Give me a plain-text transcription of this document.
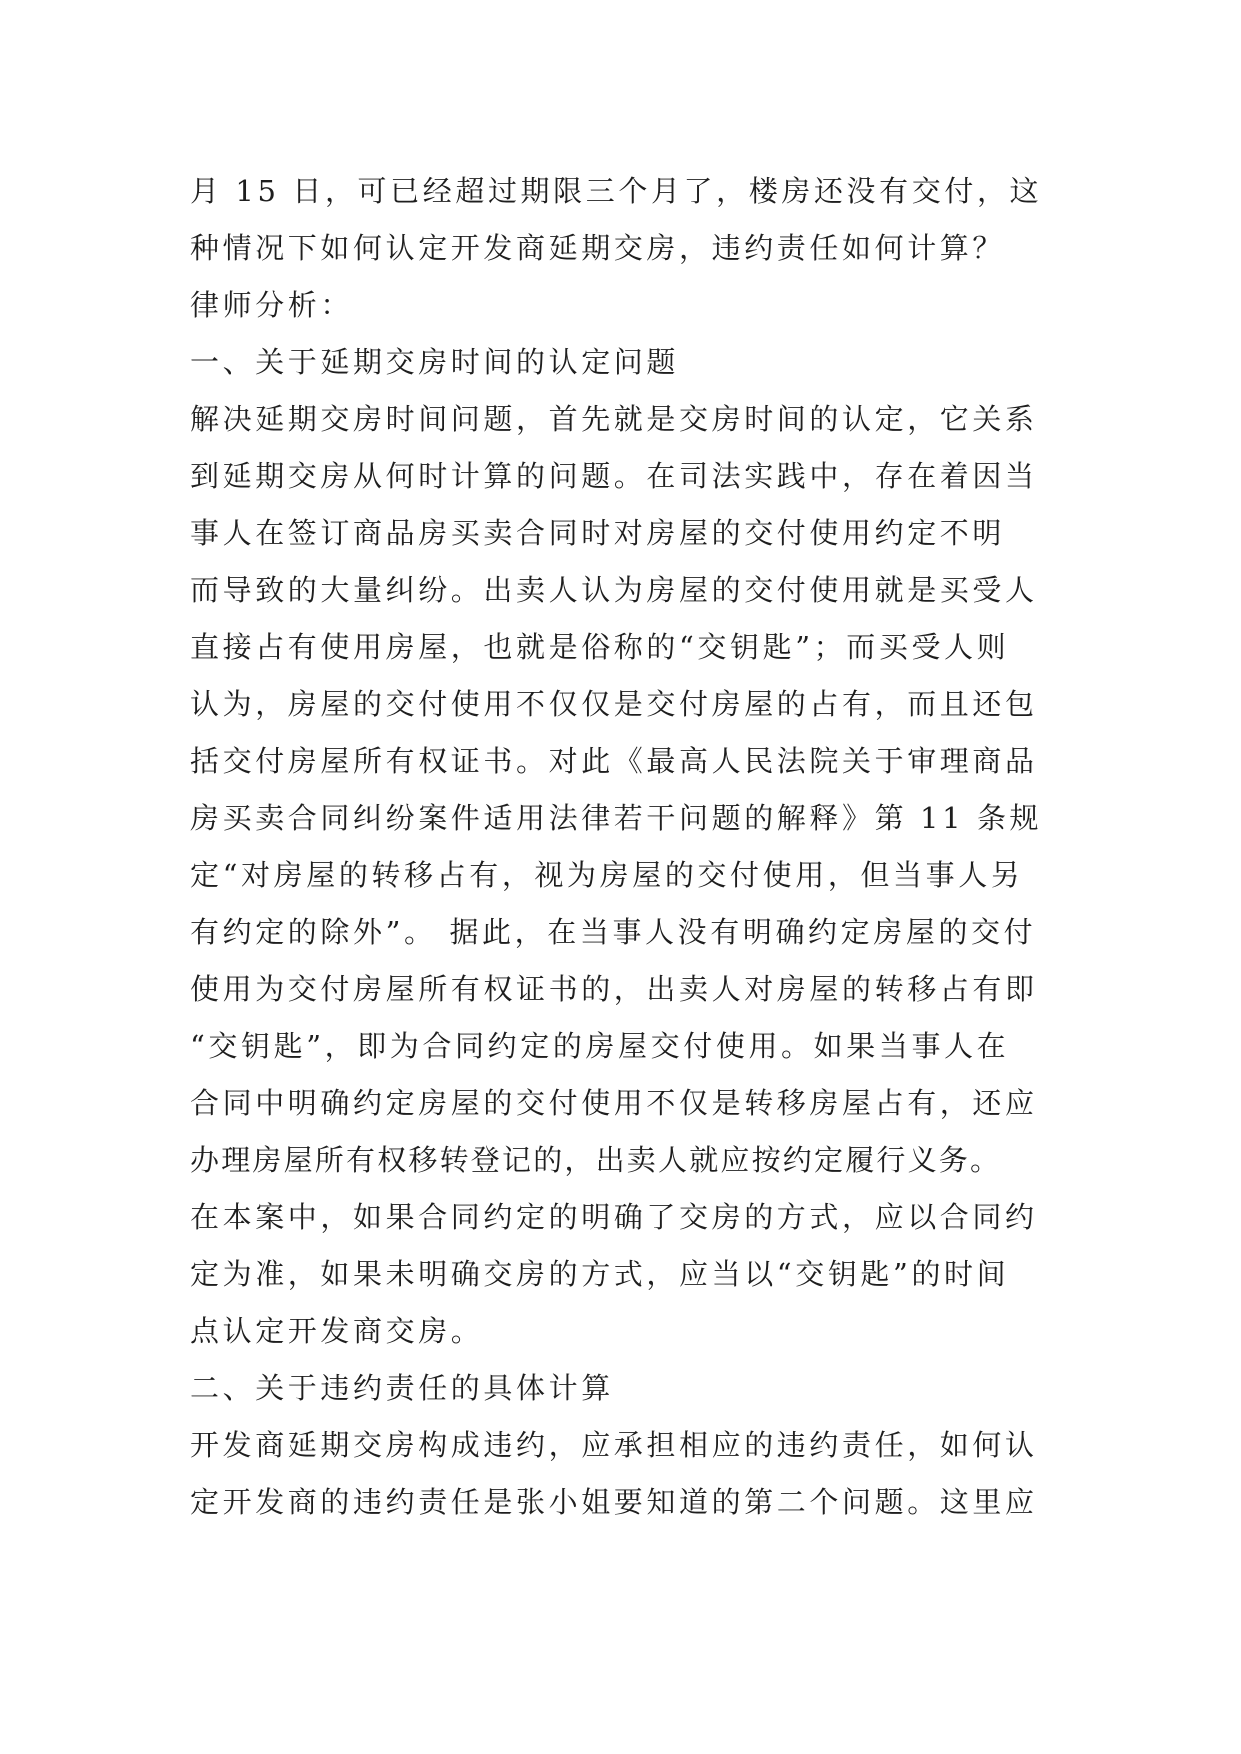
月 15 日，可已经超过期限三个月了，楼房还没有交付，这
种情况下如何认定开发商延期交房，违约责任如何计算？
律师分析：
一、关于延期交房时间的认定问题
解决延期交房时间问题，首先就是交房时间的认定，它关系
到延期交房从何时计算的问题。在司法实践中，存在着因当
事人在签订商品房买卖合同时对房屋的交付使用约定不明
而导致的大量纠纷。出卖人认为房屋的交付使用就是买受人
直接占有使用房屋，也就是俗称的“交钥匙”；而买受人则
认为，房屋的交付使用不仅仅是交付房屋的占有，而且还包
括交付房屋所有权证书。对此《最高人民法院关于审理商品
房买卖合同纠纷案件适用法律若干问题的解释》第 11 条规
定“对房屋的转移占有，视为房屋的交付使用，但当事人另
有约定的除外”。 据此，在当事人没有明确约定房屋的交付
使用为交付房屋所有权证书的，出卖人对房屋的转移占有即
“交钥匙”，即为合同约定的房屋交付使用。如果当事人在
合同中明确约定房屋的交付使用不仅是转移房屋占有，还应
办理房屋所有权移转登记的，出卖人就应按约定履行义务。
在本案中，如果合同约定的明确了交房的方式，应以合同约
定为准，如果未明确交房的方式，应当以“交钥匙”的时间
点认定开发商交房。
二、关于违约责任的具体计算
开发商延期交房构成违约，应承担相应的违约责任，如何认
定开发商的违约责任是张小姐要知道的第二个问题。这里应
